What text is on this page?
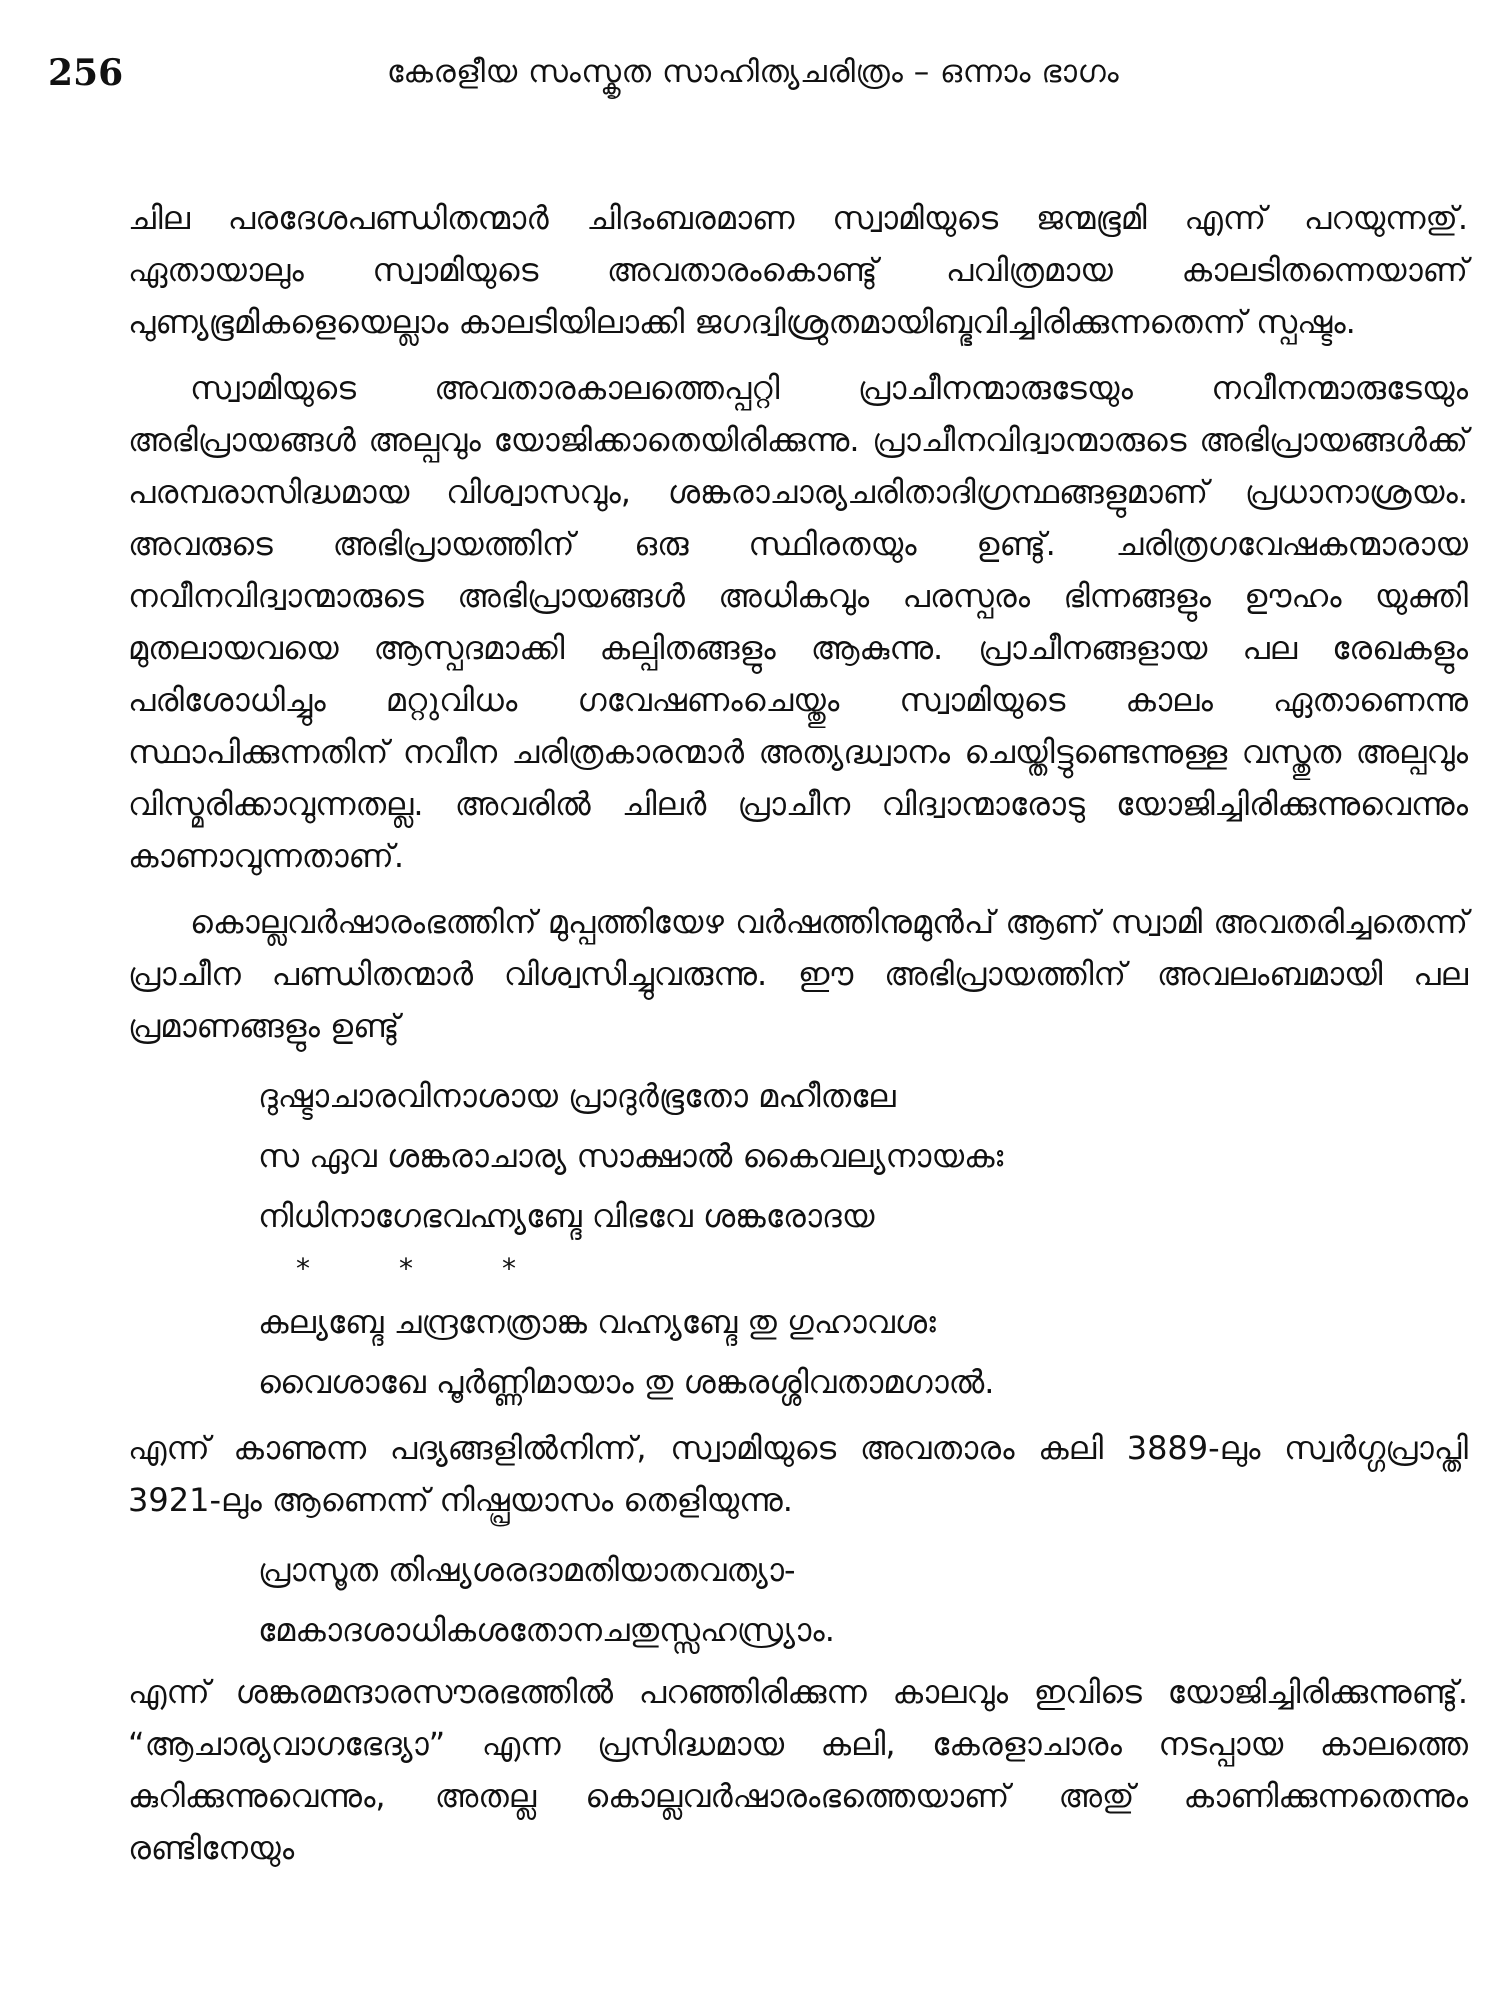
256	കേരളീയ സംസ്കൃത സാഹിത്യചരിത്രം – ഒന്നാം ഭാഗം

ചില പരദേശപണ്ഡിതന്മാർ ചിദംബരമാണ സ്വാമിയുടെ ജന്മഭൂമി എന്ന് പറയുന്നതു്. ഏതായാലും സ്വാമിയുടെ അവതാരംകൊണ്ടു് പവിത്രമായ കാലടിതന്നെയാണ് പുണ്യഭൂമികളെയെല്ലാം കാലടിയിലാക്കി ജഗദ്വിശ്രുതമായിബ്ഭവിച്ചിരിക്കുന്നതെന്ന് സ്പഷ്ടം.

സ്വാമിയുടെ അവതാരകാലത്തെപ്പറ്റി പ്രാചീനന്മാരുടേയും നവീനന്മാരുടേയും അഭിപ്രായങ്ങൾ അല്പവും യോജിക്കാതെയിരിക്കുന്നു. പ്രാചീനവിദ്വാന്മാരുടെ അഭിപ്രായങ്ങൾക്ക് പരമ്പരാസിദ്ധമായ വിശ്വാസവും, ശങ്കരാചാര്യചരിതാദിഗ്രന്ഥങ്ങളുമാണ് പ്രധാനാശ്രയം. അവരുടെ അഭിപ്രായത്തിന് ഒരു സ്ഥിരതയും ഉണ്ടു്. ചരിത്രഗവേഷകന്മാരായ നവീനവിദ്വാന്മാരുടെ അഭിപ്രായങ്ങൾ അധികവും പരസ്പരം ഭിന്നങ്ങളും ഊഹം യുക്തി മുതലായവയെ ആസ്പദമാക്കി കല്പിതങ്ങളും ആകുന്നു. പ്രാചീനങ്ങളായ പല രേഖകളും പരിശോധിച്ചും മറ്റുവിധം ഗവേഷണംചെയ്തും സ്വാമിയുടെ കാലം ഏതാണെന്നു സ്ഥാപിക്കുന്നതിന് നവീന ചരിത്രകാരന്മാർ അത്യദ്ധ്വാനം ചെയ്തിട്ടുണ്ടെന്നുള്ള വസ്തുത അല്പവും വിസ്മരിക്കാവുന്നതല്ല. അവരിൽ ചിലർ പ്രാചീന വിദ്വാന്മാരോടു യോജിച്ചിരിക്കുന്നുവെന്നും കാണാവുന്നതാണ്.

കൊല്ലവർഷാരംഭത്തിന് മുപ്പത്തിയേഴ വർഷത്തിനുമുൻപ് ആണ് സ്വാമി അവതരിച്ചതെന്ന് പ്രാചീന പണ്ഡിതന്മാർ വിശ്വസിച്ചുവരുന്നു. ഈ അഭിപ്രായത്തിന് അവലംബമായി പല പ്രമാണങ്ങളും ഉണ്ടു്

ദുഷ്ടാചാരവിനാശായ പ്രാദുർഭൂതോ മഹീതലേ
സ ഏവ ശങ്കരാചാര്യ സാക്ഷാൽ കൈവല്യനായകഃ
നിധിനാഗേഭവഹ്ന്യബ്ദേ വിഭവേ ശങ്കരോദയ
*          *          *
കല്യബ്ദേ ചന്ദ്രനേത്രാങ്ക വഹ്ന്യബ്ദേ തു ഗുഹാവശഃ
വൈശാഖേ പൂർണ്ണിമായാം തു ശങ്കരശ്ശിവതാമഗാൽ.

എന്ന് കാണുന്ന പദ്യങ്ങളിൽനിന്ന്, സ്വാമിയുടെ അവതാരം കലി 3889-ലും സ്വർഗ്ഗപ്രാപ്തി 3921-ലും ആണെന്ന് നിഷ്പ്രയാസം തെളിയുന്നു.

പ്രാസൂത തിഷ്യശരദാമതിയാതവത്യാ-
മേകാദശാധികശതോനചതുസ്സഹസ്ര്യാം.

എന്ന് ശങ്കരമന്ദാരസൗരഭത്തിൽ പറഞ്ഞിരിക്കുന്ന കാലവും ഇവിടെ യോജിച്ചിരിക്കുന്നുണ്ടു്. “ആചാര്യവാഗഭേദ്യാ” എന്ന പ്രസിദ്ധമായ കലി, കേരളാചാരം നടപ്പായ കാലത്തെ കുറിക്കുന്നുവെന്നും, അതല്ല കൊല്ലവർഷാരംഭത്തെയാണ് അതു് കാണിക്കുന്നതെന്നും രണ്ടിനേയും
